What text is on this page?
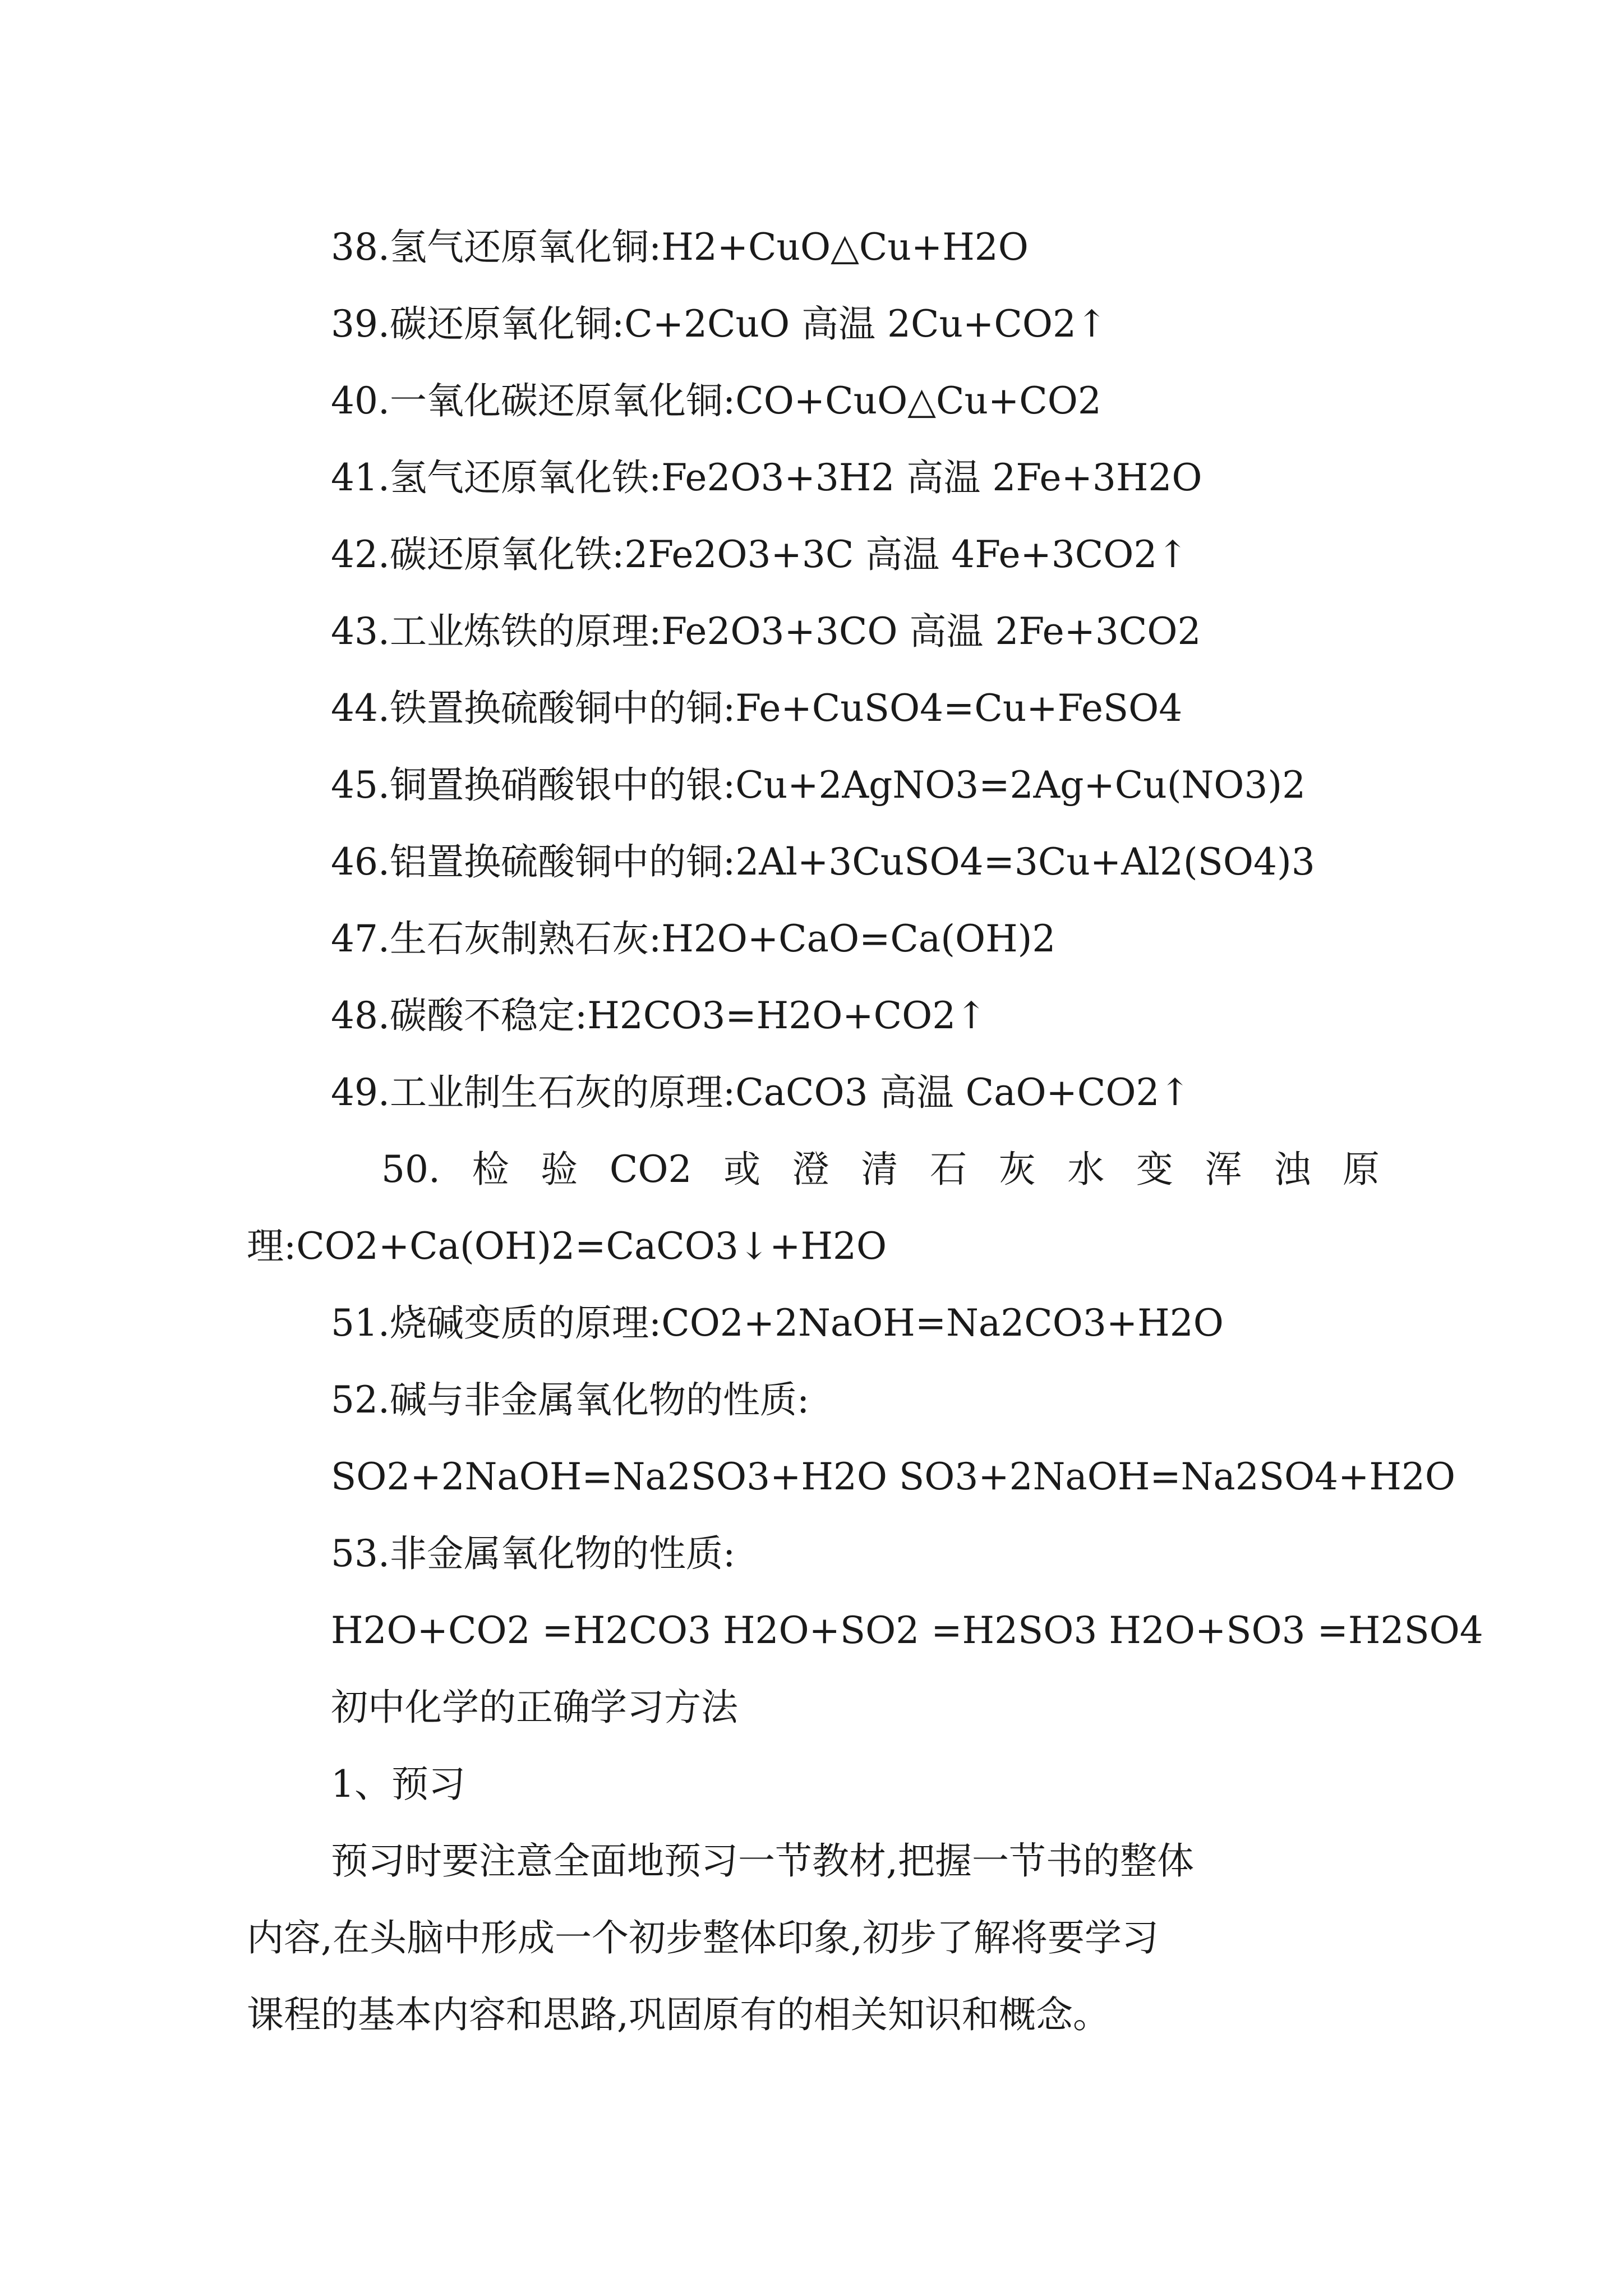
38.氢气还原氧化铜:H2+CuO△Cu+H2O
39.碳还原氧化铜:C+2CuO 高温 2Cu+CO2↑
40.一氧化碳还原氧化铜:CO+CuO△Cu+CO2
41.氢气还原氧化铁:Fe2O3+3H2 高温 2Fe+3H2O
42.碳还原氧化铁:2Fe2O3+3C 高温 4Fe+3CO2↑
43.工业炼铁的原理:Fe2O3+3CO 高温 2Fe+3CO2
44.铁置换硫酸铜中的铜:Fe+CuSO4=Cu+FeSO4
45.铜置换硝酸银中的银:Cu+2AgNO3=2Ag+Cu(NO3)2
46.铝置换硫酸铜中的铜:2Al+3CuSO4=3Cu+Al2(SO4)3
47.生石灰制熟石灰:H2O+CaO=Ca(OH)2
48.碳酸不稳定:H2CO3=H2O+CO2↑
49.工业制生石灰的原理:CaCO3 高温 CaO+CO2↑
50. 检 验 CO2 或 澄 清 石 灰 水 变 浑 浊 原
理:CO2+Ca(OH)2=CaCO3↓+H2O
51.烧碱变质的原理:CO2+2NaOH=Na2CO3+H2O
52.碱与非金属氧化物的性质:
SO2+2NaOH=Na2SO3+H2O SO3+2NaOH=Na2SO4+H2O
53.非金属氧化物的性质:
H2O+CO2 =H2CO3 H2O+SO2 =H2SO3 H2O+SO3 =H2SO4
初中化学的正确学习方法
1、预习
预习时要注意全面地预习一节教材,把握一节书的整体
内容,在头脑中形成一个初步整体印象,初步了解将要学习
课程的基本内容和思路,巩固原有的相关知识和概念。
